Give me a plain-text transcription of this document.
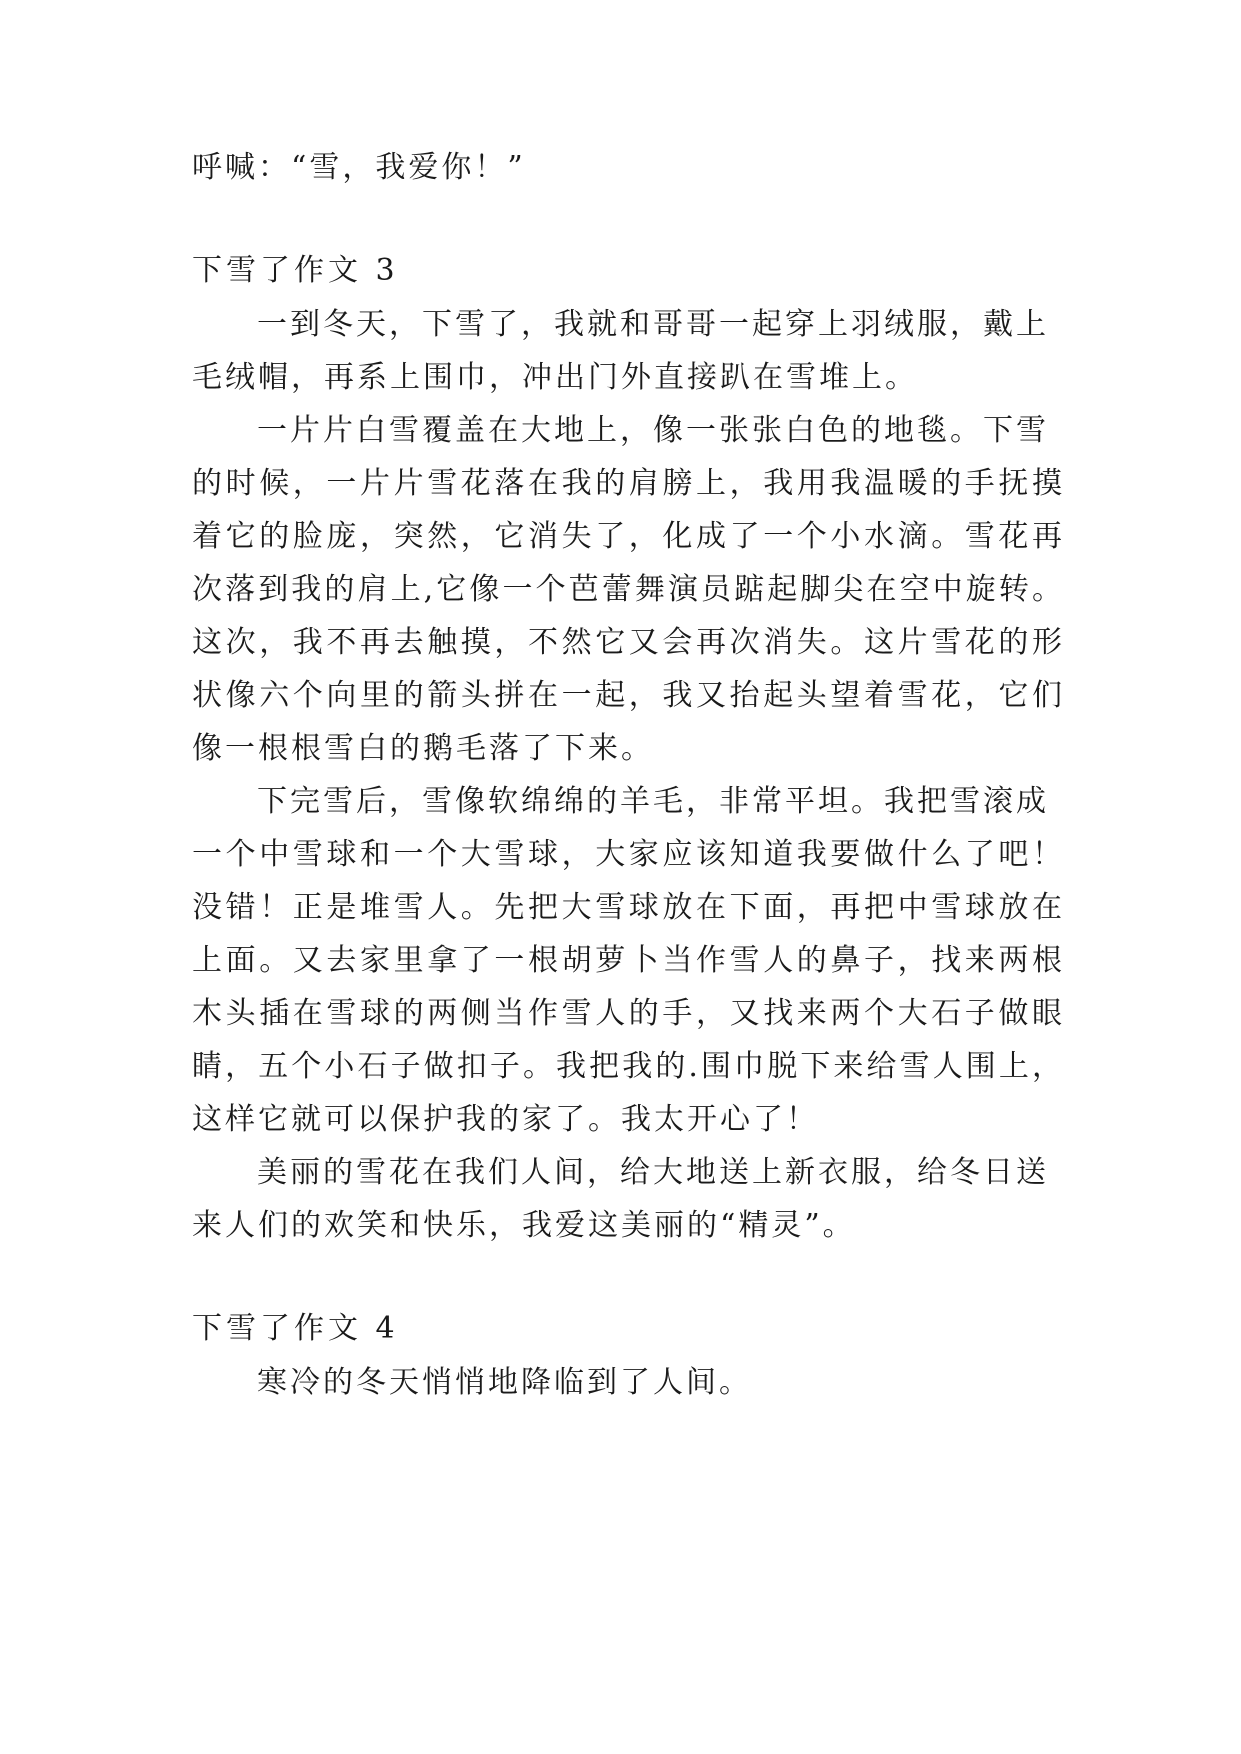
呼喊：“雪，我爱你！”
下雪了作文 3
一到冬天，下雪了，我就和哥哥一起穿上羽绒服，戴上
毛绒帽，再系上围巾，冲出门外直接趴在雪堆上。
一片片白雪覆盖在大地上，像一张张白色的地毯。下雪
的时候，一片片雪花落在我的肩膀上，我用我温暖的手抚摸
着它的脸庞，突然，它消失了，化成了一个小水滴。雪花再
次落到我的肩上,它像一个芭蕾舞演员踮起脚尖在空中旋转。
这次，我不再去触摸，不然它又会再次消失。这片雪花的形
状像六个向里的箭头拼在一起，我又抬起头望着雪花，它们
像一根根雪白的鹅毛落了下来。
下完雪后，雪像软绵绵的羊毛，非常平坦。我把雪滚成
一个中雪球和一个大雪球，大家应该知道我要做什么了吧！
没错！正是堆雪人。先把大雪球放在下面，再把中雪球放在
上面。又去家里拿了一根胡萝卜当作雪人的鼻子，找来两根
木头插在雪球的两侧当作雪人的手，又找来两个大石子做眼
睛，五个小石子做扣子。我把我的.围巾脱下来给雪人围上，
这样它就可以保护我的家了。我太开心了！
美丽的雪花在我们人间，给大地送上新衣服，给冬日送
来人们的欢笑和快乐，我爱这美丽的“精灵”。
下雪了作文 4
寒冷的冬天悄悄地降临到了人间。
